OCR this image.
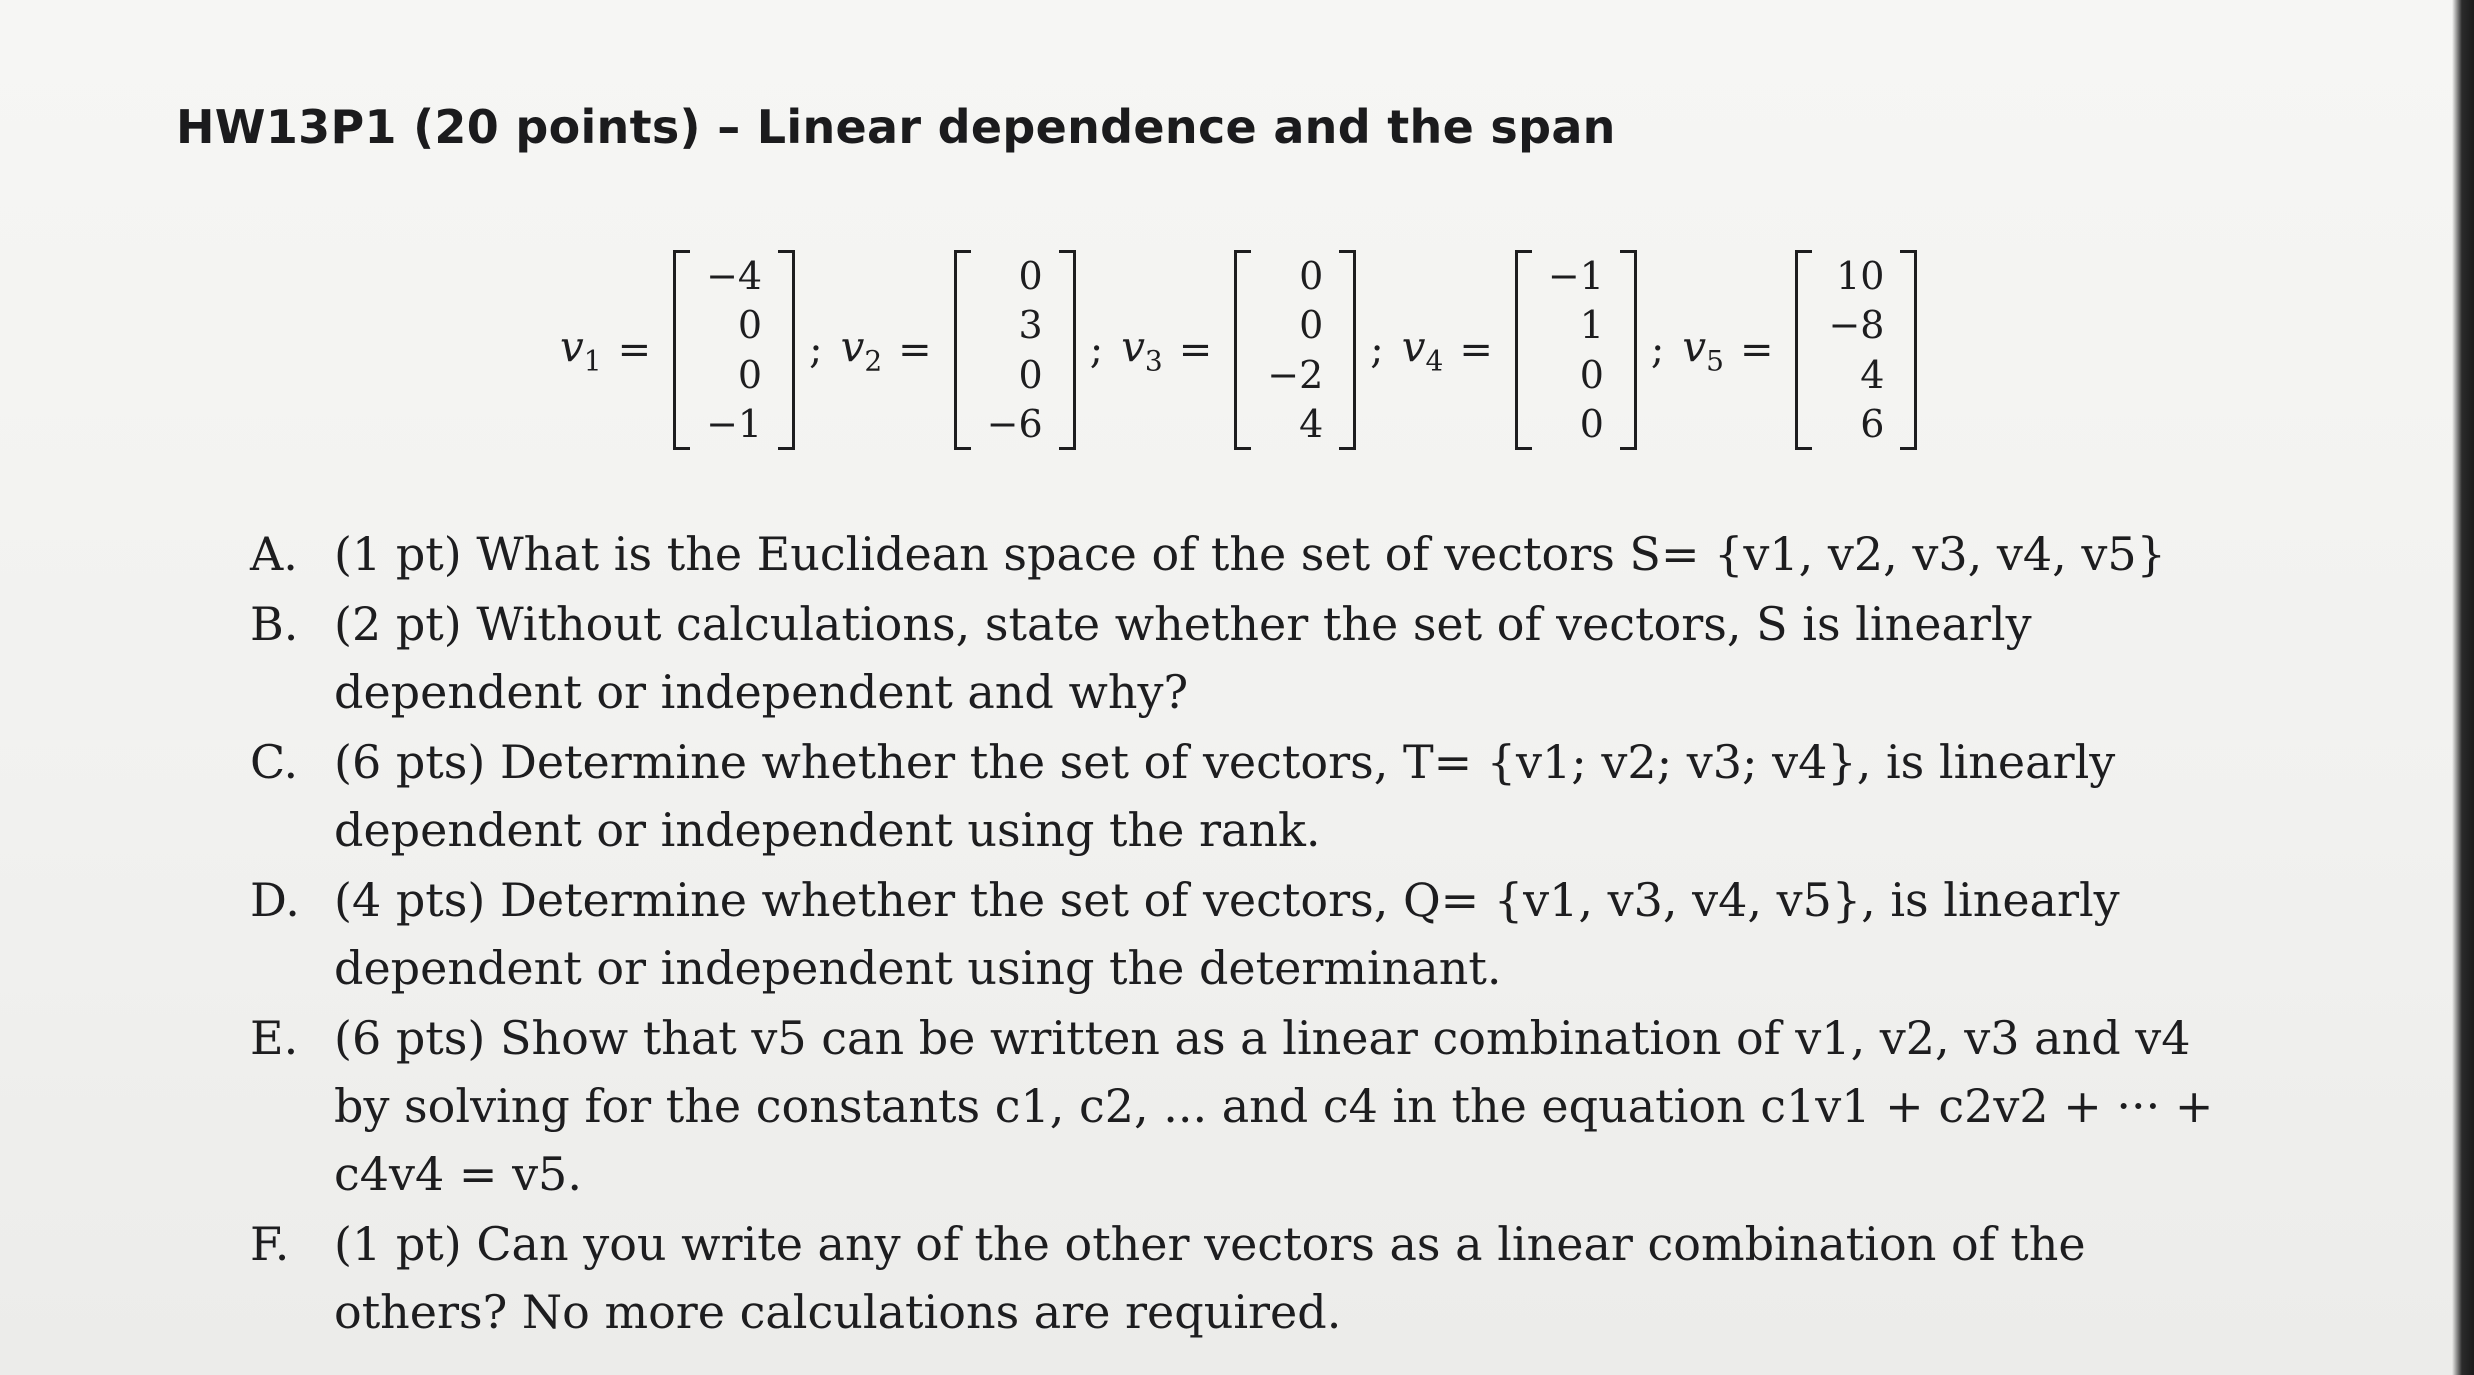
HW13P1 (20 points) – Linear dependence and the span
$v_1$ =
−4
0
0
−1
; $v_2$ =
0
3
0
−6
; $v_3$ =
0
0
−2
4
; $v_4$ =
−1
1
0
0
; $v_5$ =
10
−8
4
6
A. (1 pt) What is the Euclidean space of the set of vectors S= {v1, v2, v3, v4, v5}
B. (2 pt) Without calculations, state whether the set of vectors, S is linearly dependent or independent and why?
C. (6 pts) Determine whether the set of vectors, T= {v1; v2; v3; v4}, is linearly dependent or independent using the rank.
D. (4 pts) Determine whether the set of vectors, Q= {v1, v3, v4, v5}, is linearly dependent or independent using the determinant.
E. (6 pts) Show that v5 can be written as a linear combination of v1, v2, v3 and v4 by solving for the constants c1, c2, ... and c4 in the equation c1v1 + c2v2 + ··· + c4v4 = v5.
F. (1 pt) Can you write any of the other vectors as a linear combination of the others? No more calculations are required.
